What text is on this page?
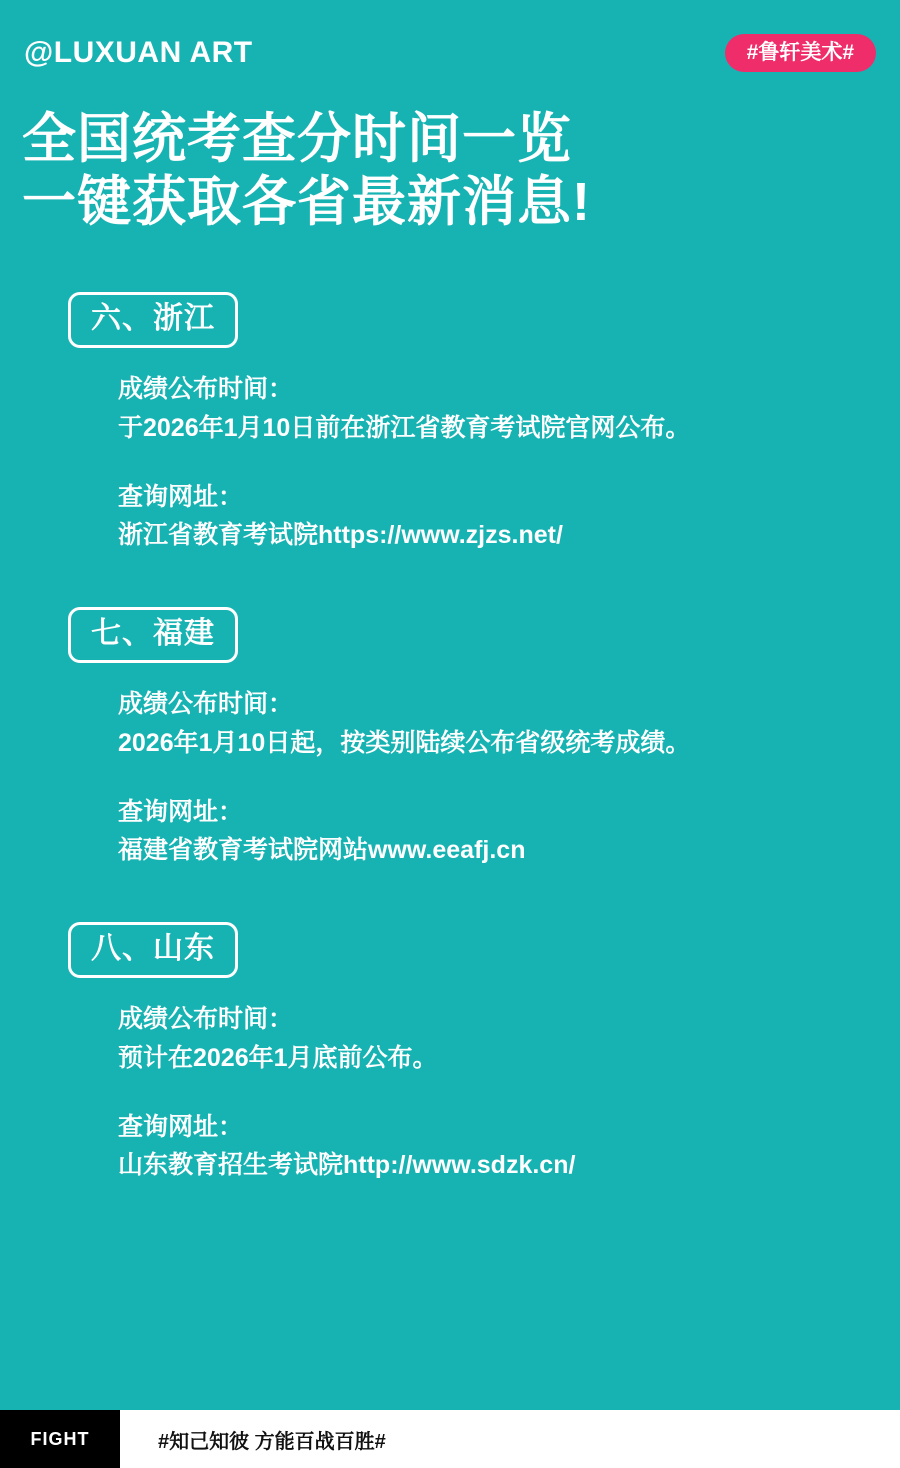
@LUXUAN ART	#鲁轩美术#
全国统考查分时间一览
一键获取各省最新消息!
六、浙江
成绩公布时间：
于2026年1月10日前在浙江省教育考试院官网公布。
查询网址：
浙江省教育考试院https://www.zjzs.net/
七、福建
成绩公布时间：
2026年1月10日起，按类别陆续公布省级统考成绩。
查询网址：
福建省教育考试院网站www.eeafj.cn
八、山东
成绩公布时间：
预计在2026年1月底前公布。
查询网址：
山东教育招生考试院http://www.sdzk.cn/
FIGHT	#知己知彼 方能百战百胜#
